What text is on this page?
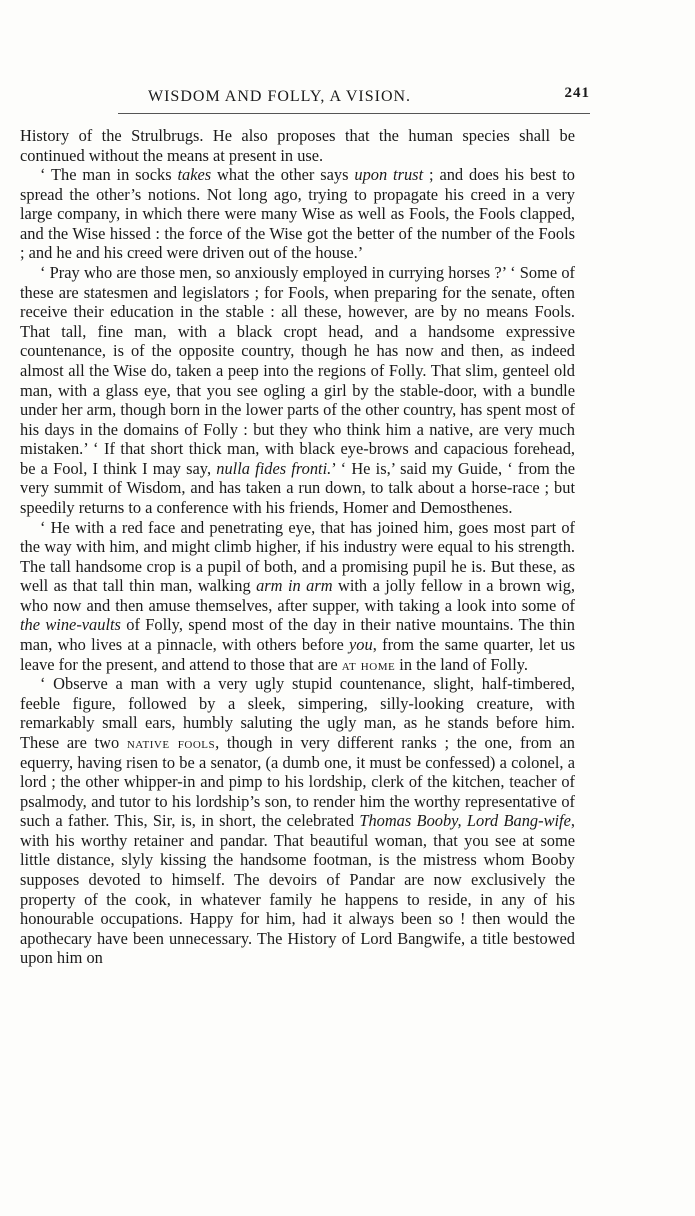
WISDOM AND FOLLY, A VISION.	241

History of the Strulbrugs. He also proposes that the human species shall be continued without the means at present in use.

‘ The man in socks takes what the other says upon trust ; and does his best to spread the other’s notions. Not long ago, trying to propagate his creed in a very large company, in which there were many Wise as well as Fools, the Fools clapped, and the Wise hissed : the force of the Wise got the better of the number of the Fools ; and he and his creed were driven out of the house.’

‘ Pray who are those men, so anxiously employed in currying horses ?’ ‘ Some of these are statesmen and legislators ; for Fools, when preparing for the senate, often receive their education in the stable : all these, however, are by no means Fools. That tall, fine man, with a black cropt head, and a handsome expressive countenance, is of the opposite country, though he has now and then, as indeed almost all the Wise do, taken a peep into the regions of Folly. That slim, genteel old man, with a glass eye, that you see ogling a girl by the stable-door, with a bundle under her arm, though born in the lower parts of the other country, has spent most of his days in the domains of Folly : but they who think him a native, are very much mistaken.’ ‘ If that short thick man, with black eye-brows and capacious forehead, be a Fool, I think I may say, nulla fides fronti.’ ‘ He is,’ said my Guide, ‘ from the very summit of Wisdom, and has taken a run down, to talk about a horse-race ; but speedily returns to a conference with his friends, Homer and Demosthenes.

‘ He with a red face and penetrating eye, that has joined him, goes most part of the way with him, and might climb higher, if his industry were equal to his strength. The tall handsome crop is a pupil of both, and a promising pupil he is. But these, as well as that tall thin man, walking arm in arm with a jolly fellow in a brown wig, who now and then amuse themselves, after supper, with taking a look into some of the wine-vaults of Folly, spend most of the day in their native mountains. The thin man, who lives at a pinnacle, with others before you, from the same quarter, let us leave for the present, and attend to those that are at home in the land of Folly.

‘ Observe a man with a very ugly stupid countenance, slight, half-timbered, feeble figure, followed by a sleek, simpering, silly-looking creature, with remarkably small ears, humbly saluting the ugly man, as he stands before him. These are two native fools, though in very different ranks ; the one, from an equerry, having risen to be a senator, (a dumb one, it must be confessed) a colonel, a lord ; the other whipper-in and pimp to his lordship, clerk of the kitchen, teacher of psalmody, and tutor to his lordship’s son, to render him the worthy representative of such a father. This, Sir, is, in short, the celebrated Thomas Booby, Lord Bang-wife, with his worthy retainer and pandar. That beautiful woman, that you see at some little distance, slyly kissing the handsome footman, is the mistress whom Booby supposes devoted to himself. The devoirs of Pandar are now exclusively the property of the cook, in whatever family he happens to reside, in any of his honourable occupations. Happy for him, had it always been so ! then would the apothecary have been unnecessary. The History of Lord Bangwife, a title bestowed upon him on
